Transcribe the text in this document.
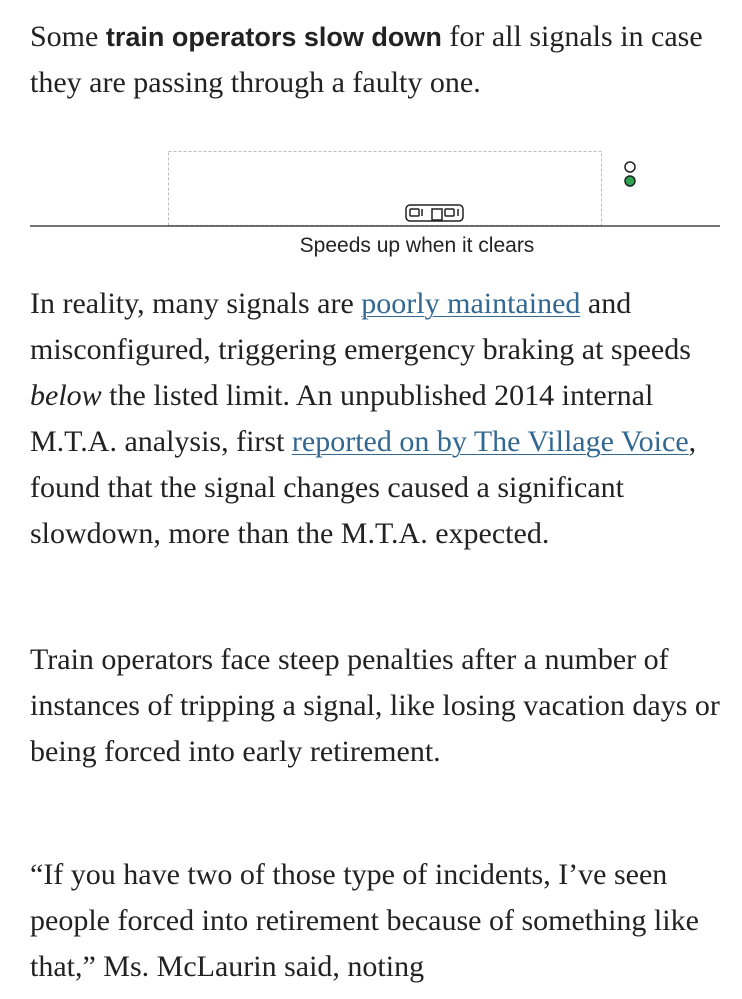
Some train operators slow down for all signals in case they are passing through a faulty one.

Speeds up when it clears

In reality, many signals are poorly maintained and misconfigured, triggering emergency braking at speeds below the listed limit. An unpublished 2014 internal M.T.A. analysis, first reported on by The Village Voice, found that the signal changes caused a significant slowdown, more than the M.T.A. expected.

Train operators face steep penalties after a number of instances of tripping a signal, like losing vacation days or being forced into early retirement.

“If you have two of those type of incidents, I’ve seen people forced into retirement because of something like that,” Ms. McLaurin said, noting
